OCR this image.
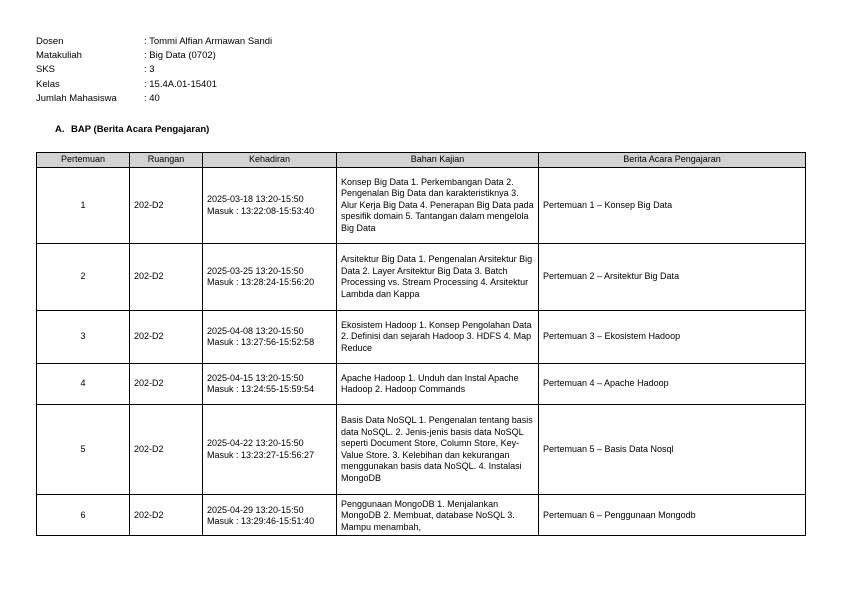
Dosen	: Tommi Alfian Armawan Sandi
Matakuliah	: Big Data (0702)
SKS	: 3
Kelas	: 15.4A.01-15401
Jumlah Mahasiswa	: 40
A. BAP (Berita Acara Pengajaran)
Pertemuan	Ruangan	Kehadiran	Bahan Kajian	Berita Acara Pengajaran
1	202-D2	2025-03-18 13:20-15:50 Masuk : 13:22:08-15:53:40	Konsep Big Data 1. Perkembangan Data 2. Pengenalan Big Data dan karakteristiknya 3. Alur Kerja Big Data 4. Penerapan Big Data pada spesifik domain 5. Tantangan dalam mengelola Big Data	Pertemuan 1 – Konsep Big Data
2	202-D2	2025-03-25 13:20-15:50 Masuk : 13:28:24-15:56:20	Arsitektur Big Data 1. Pengenalan Arsitektur Big Data 2. Layer Arsitektur Big Data 3. Batch Processing vs. Stream Processing 4. Arsitektur Lambda dan Kappa	Pertemuan 2 – Arsitektur Big Data
3	202-D2	2025-04-08 13:20-15:50 Masuk : 13:27:56-15:52:58	Ekosistem Hadoop 1. Konsep Pengolahan Data 2. Definisi dan sejarah Hadoop 3. HDFS 4. Map Reduce	Pertemuan 3 – Ekosistem Hadoop
4	202-D2	2025-04-15 13:20-15:50 Masuk : 13:24:55-15:59:54	Apache Hadoop 1. Unduh dan Instal Apache Hadoop 2. Hadoop Commands	Pertemuan 4 – Apache Hadoop
5	202-D2	2025-04-22 13:20-15:50 Masuk : 13:23:27-15:56:27	Basis Data NoSQL 1. Pengenalan tentang basis data NoSQL. 2. Jenis-jenis basis data NoSQL seperti Document Store, Column Store, Key-Value Store. 3. Kelebihan dan kekurangan menggunakan basis data NoSQL. 4. Instalasi MongoDB	Pertemuan 5 – Basis Data Nosql
6	202-D2	2025-04-29 13:20-15:50 Masuk : 13:29:46-15:51:40	Penggunaan MongoDB 1. Menjalankan MongoDB 2. Membuat, database NoSQL 3. Mampu menambah,	Pertemuan 6 – Penggunaan Mongodb
